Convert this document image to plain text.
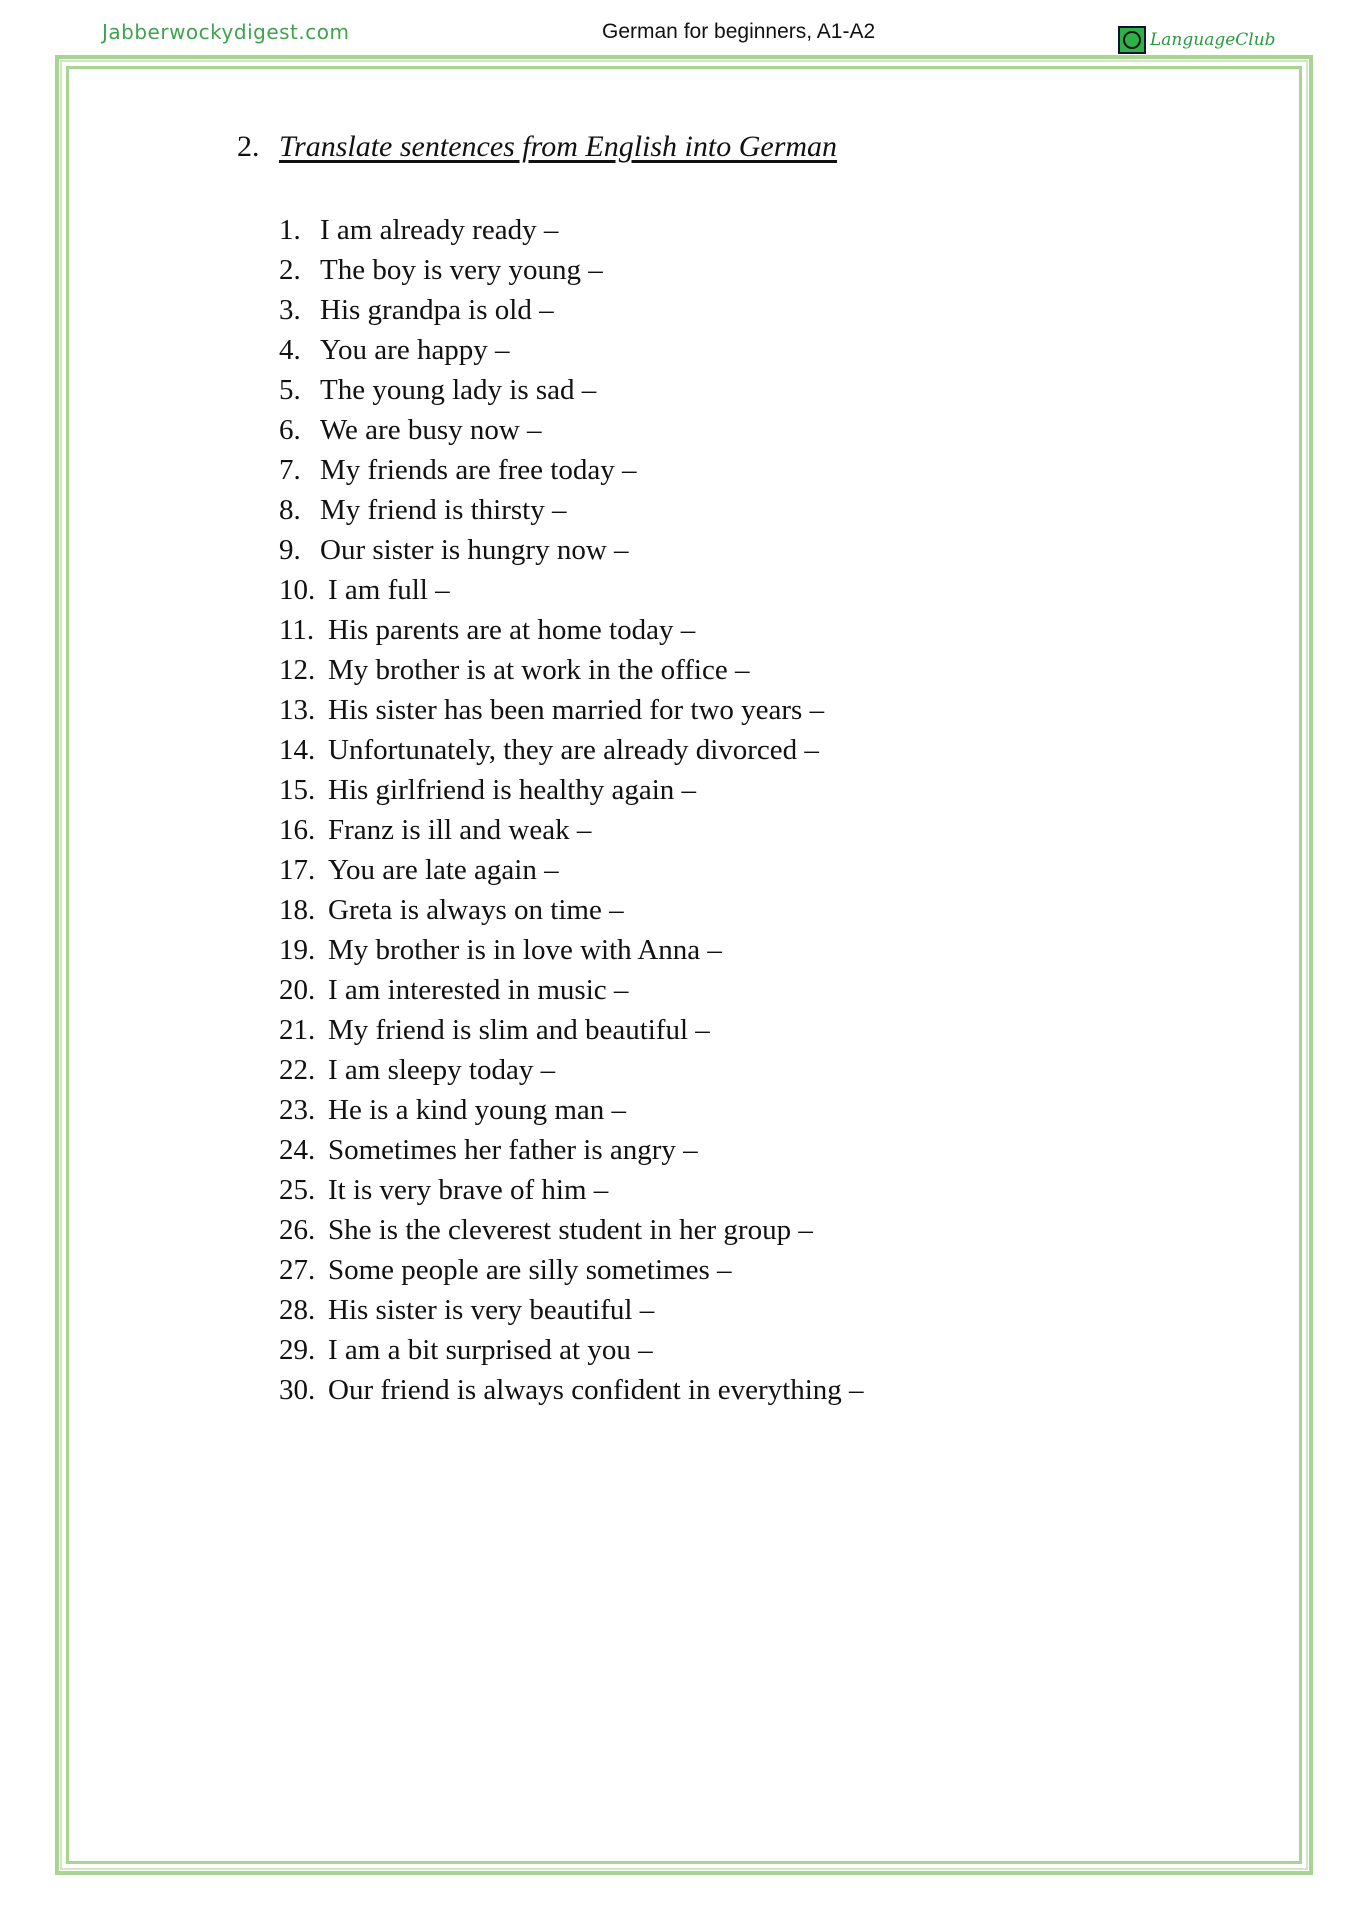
Jabberwockydigest.com	German for beginners, A1-A2	LanguageClub
2. Translate sentences from English into German
1. I am already ready –
2. The boy is very young –
3. His grandpa is old –
4. You are happy –
5. The young lady is sad –
6. We are busy now –
7. My friends are free today –
8. My friend is thirsty –
9. Our sister is hungry now –
10. I am full –
11. His parents are at home today –
12. My brother is at work in the office –
13. His sister has been married for two years –
14. Unfortunately, they are already divorced –
15. His girlfriend is healthy again –
16. Franz is ill and weak –
17. You are late again –
18. Greta is always on time –
19. My brother is in love with Anna –
20. I am interested in music –
21. My friend is slim and beautiful –
22. I am sleepy today –
23. He is a kind young man –
24. Sometimes her father is angry –
25. It is very brave of him –
26. She is the cleverest student in her group –
27. Some people are silly sometimes –
28. His sister is very beautiful –
29. I am a bit surprised at you –
30. Our friend is always confident in everything –
